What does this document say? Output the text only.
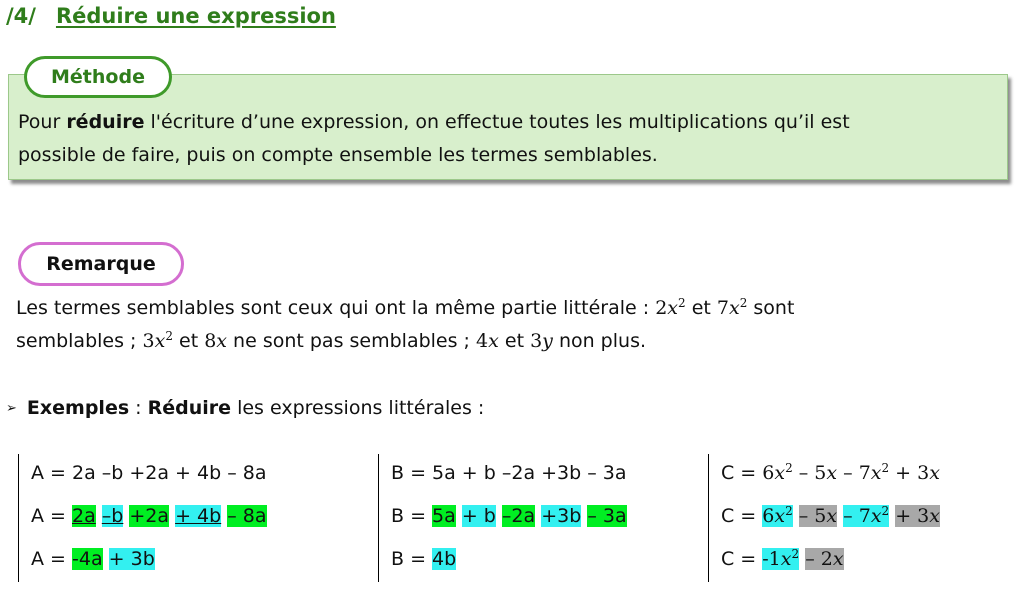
/4/ Réduire une expression
Méthode

Pour réduire l'écriture d’une expression, on effectue toutes les multiplications qu’il est

possible de faire, puis on compte ensemble les termes semblables.

Remarque

Les termes semblables sont ceux qui ont la même partie littérale : $2x^2$ et $7x^2$ sont

semblables ; $3x^2$ et 8x ne sont pas semblables ; 4x et 3y non plus.

➢ Exemples : Réduire les expressions littérales :
A = 2a –b +2a + 4b – 8a
A = 2a –b +2a + 4b – 8a
A = -4a + 3b
B = 5a + b –2a +3b – 3a
B = 5a + b –2a +3b – 3a
B = 4b
$C = 6x^2 - 5x - 7x^2 + 3x$
$C = 6x^2 - 5x - 7x^2 + 3x$
$C = -1x^2 - 2x$
